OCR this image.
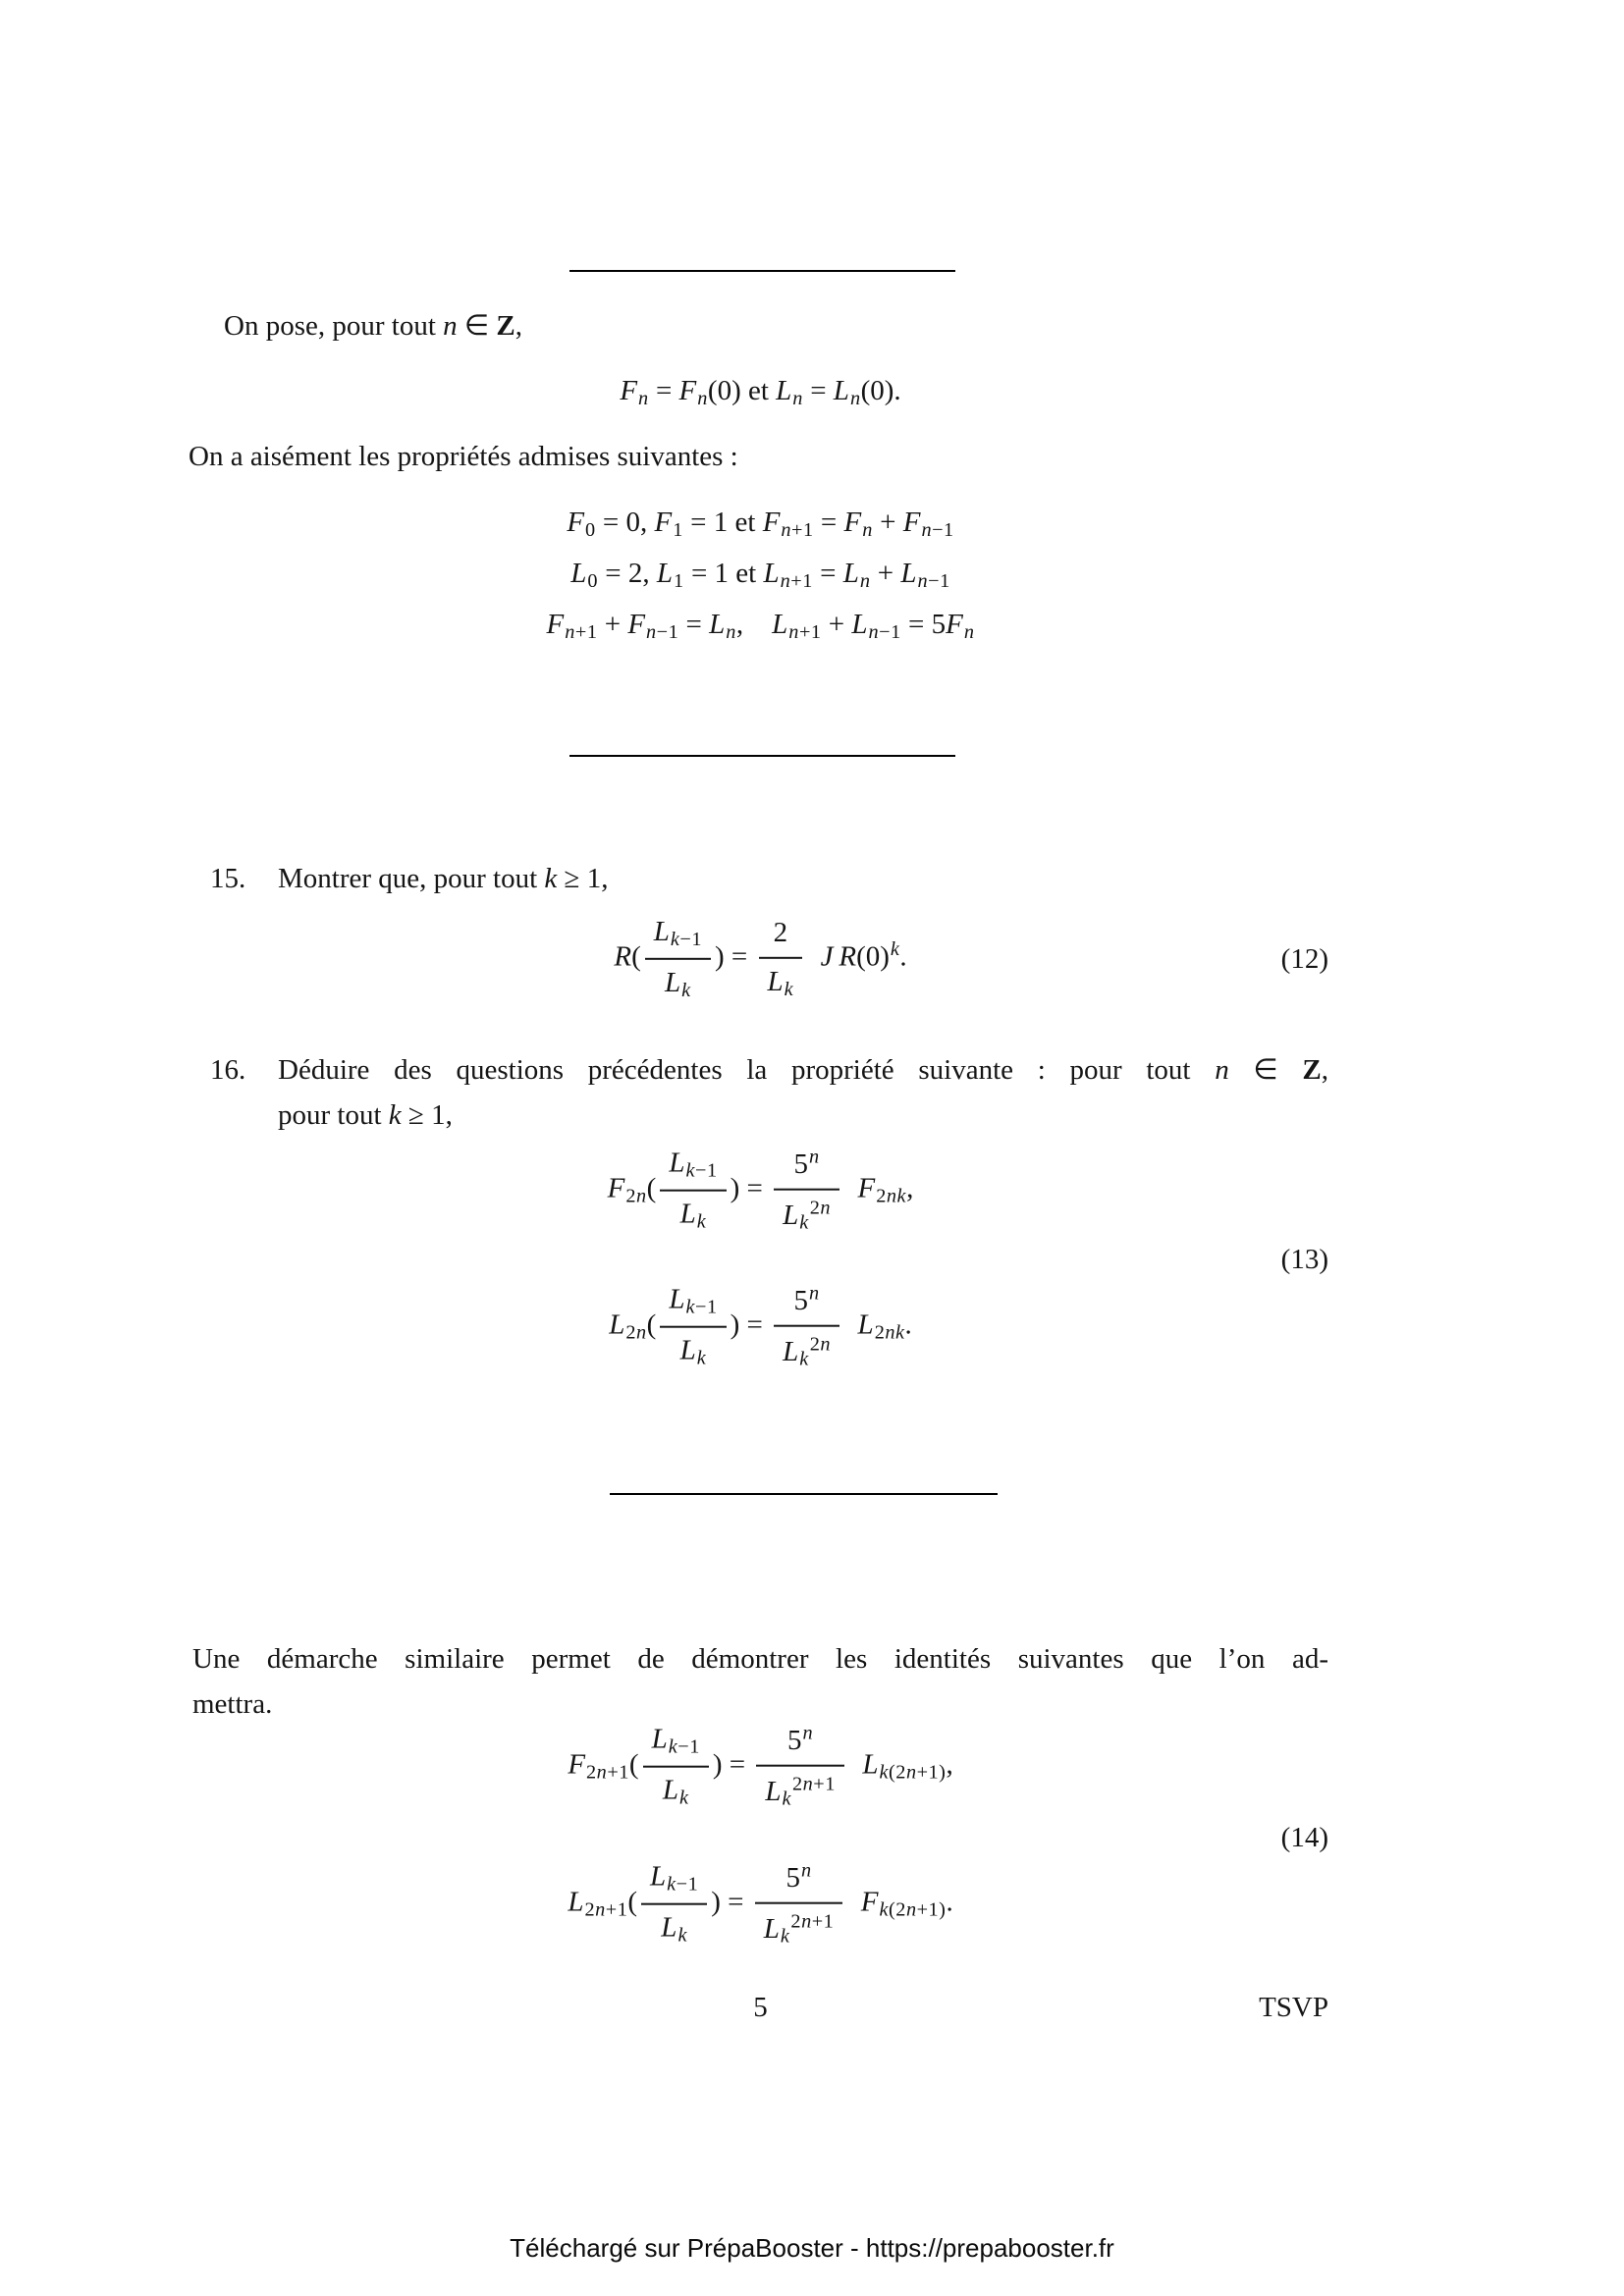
On pose, pour tout n ∈ Z,
Fn = Fn(0) et Ln = Ln(0).
On a aisément les propriétés admises suivantes :
F0 = 0, F1 = 1 et Fn+1 = Fn + Fn−1
L0 = 2, L1 = 1 et Ln+1 = Ln + Ln−1
Fn+1 + Fn−1 = Ln, Ln+1 + Ln−1 = 5Fn
15. Montrer que, pour tout k ≥ 1,
$R( \frac{Lk-1}{Lk}$ ) = $\frac{2}{Lk}$
  J  $R(0)^k$.	(12)
16. Déduire des questions précédentes la propriété suivante : pour tout n ∈ Z,
pour tout k ≥ 1,
$F2n( \frac{Lk-1}{Lk}$ ) = $\frac{5^n}{Lk^{2n}}$
  F2nk,
(13)
$L2n( \frac{Lk-1}{Lk}$ ) = $\frac{5^n}{Lk^{2n}}$
  L2nk.
Une démarche similaire permet de démontrer les identités suivantes que l’on ad-
mettra.
$F2n+1( \frac{Lk-1}{Lk}$ ) = $\frac{5^n}{Lk^{2n+1}}$
  Lk(2n+1),
(14)
$L2n+1( \frac{Lk-1}{Lk}$ ) = $\frac{5^n}{Lk^{2n+1}}$
  Fk(2n+1).
5	TSVP
Téléchargé sur PrépaBooster - https://prepabooster.fr
